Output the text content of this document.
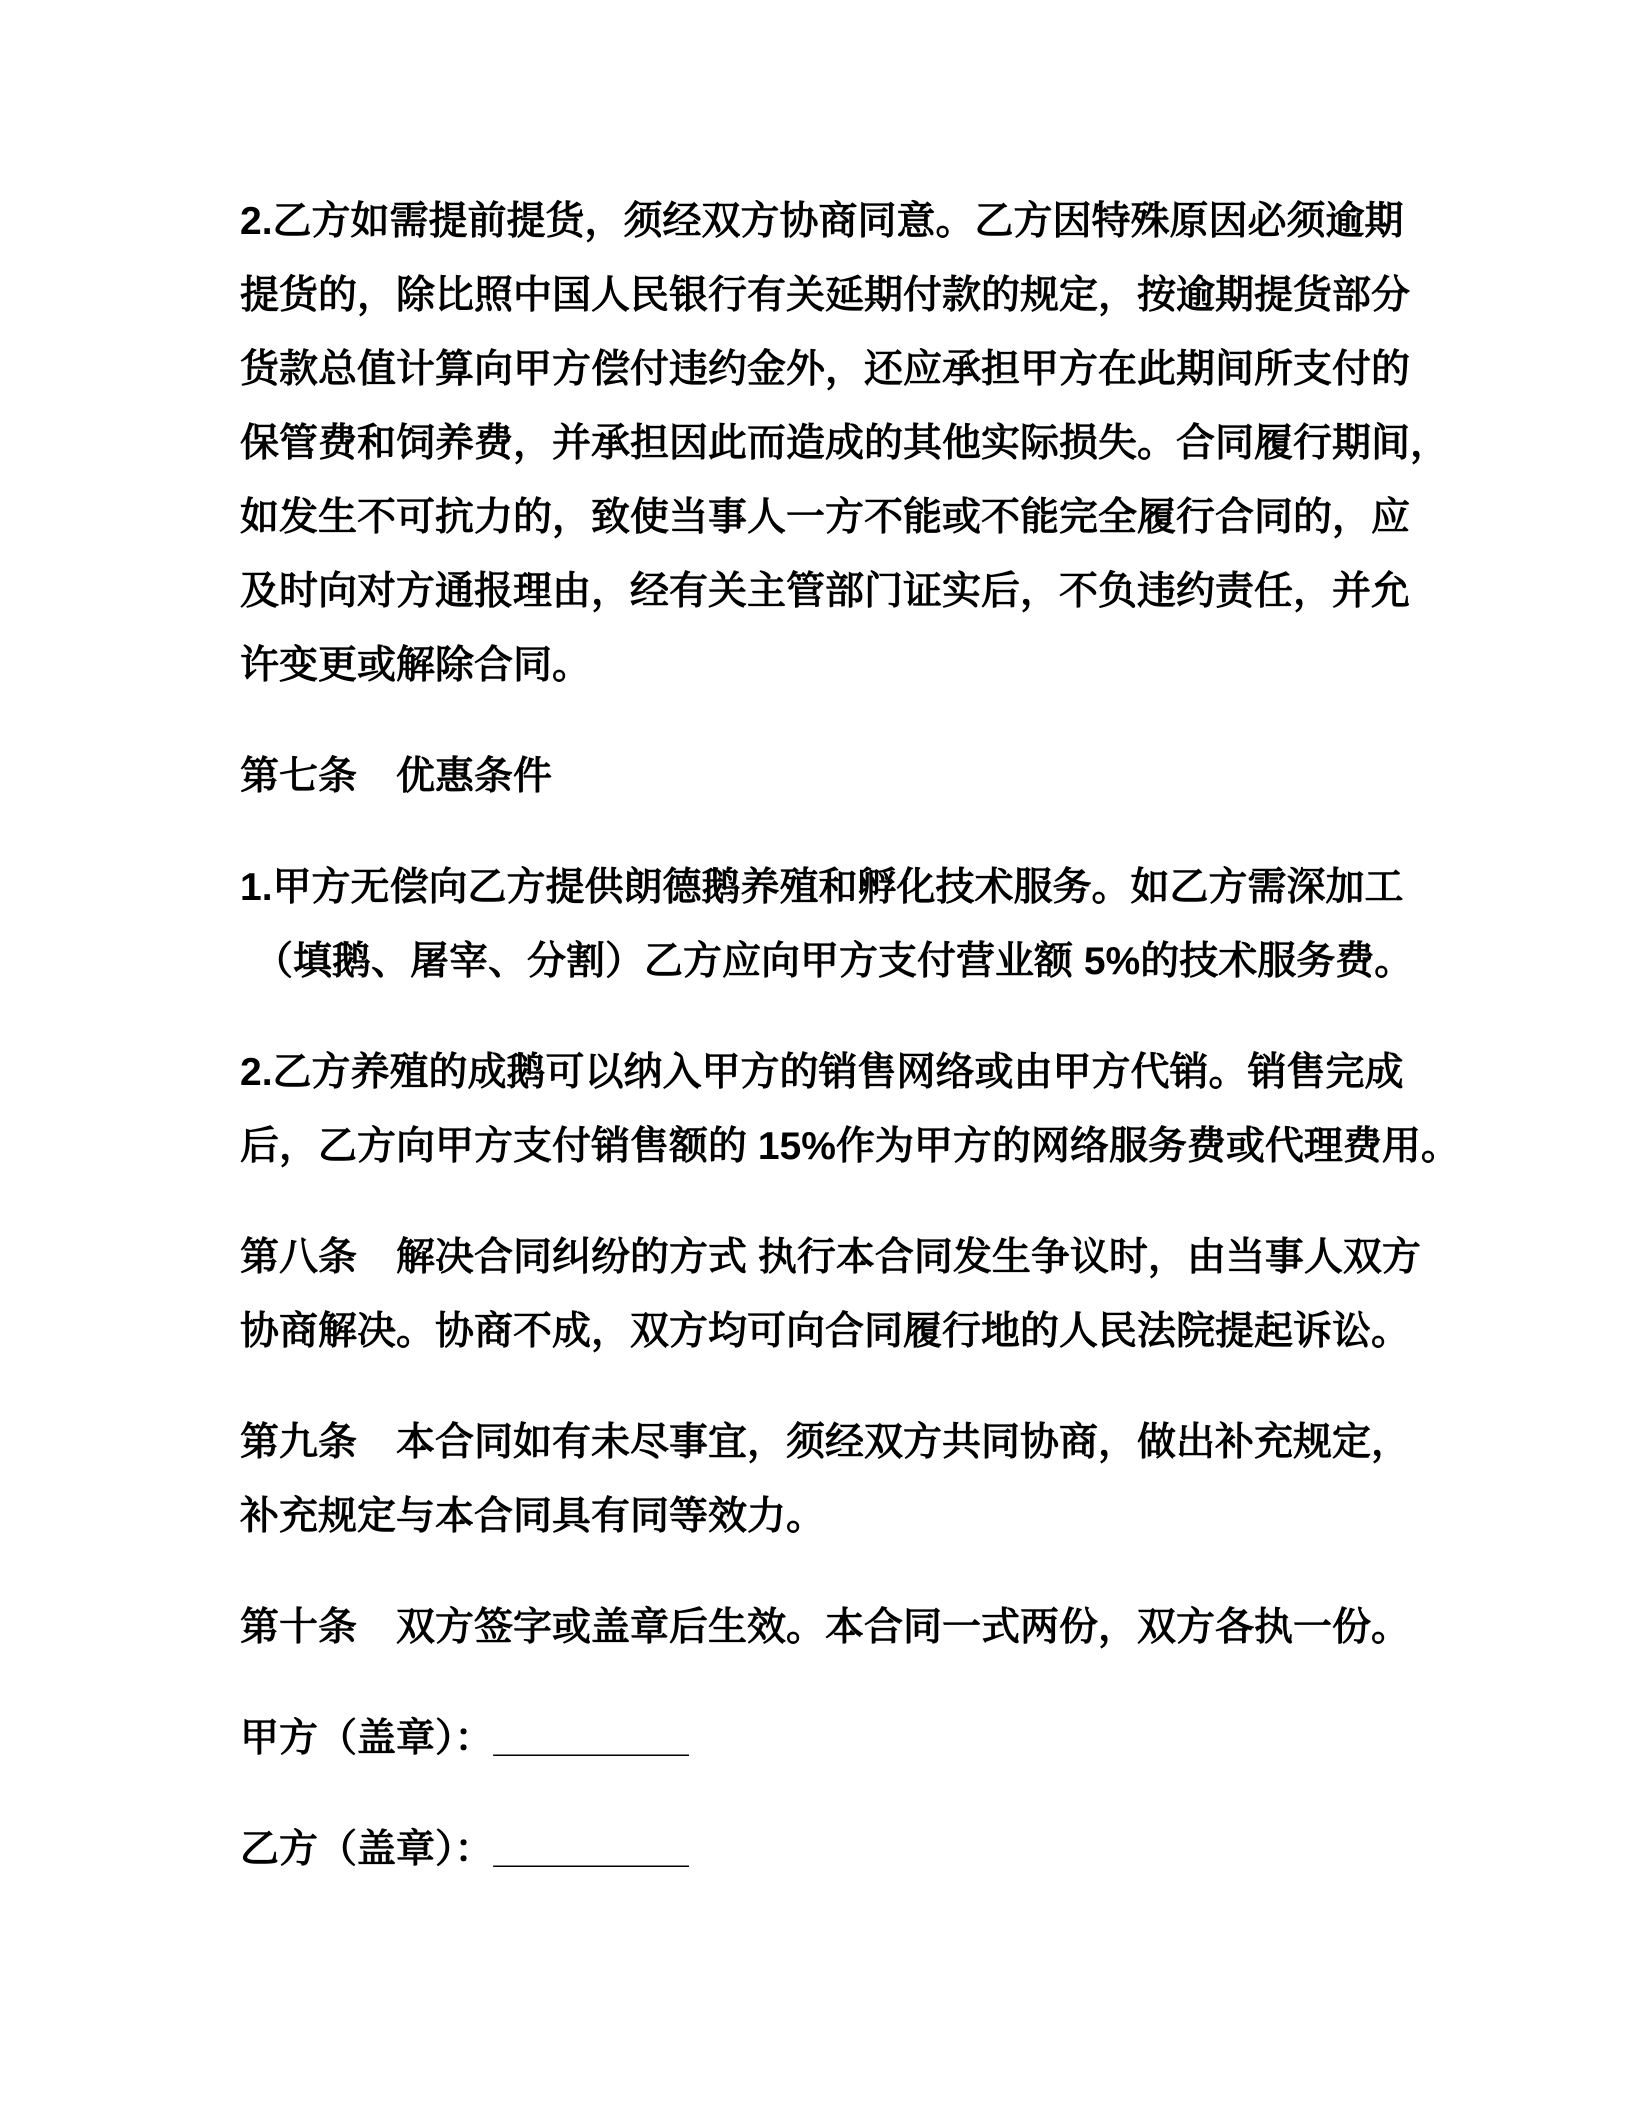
2.乙方如需提前提货，须经双方协商同意。乙方因特殊原因必须逾期
提货的，除比照中国人民银行有关延期付款的规定，按逾期提货部分
货款总值计算向甲方偿付违约金外，还应承担甲方在此期间所支付的
保管费和饲养费，并承担因此而造成的其他实际损失。合同履行期间，
如发生不可抗力的，致使当事人一方不能或不能完全履行合同的，应
及时向对方通报理由，经有关主管部门证实后，不负违约责任，并允
许变更或解除合同。
第七条　优惠条件
1.甲方无偿向乙方提供朗德鹅养殖和孵化技术服务。如乙方需深加工
（填鹅、屠宰、分割）乙方应向甲方支付营业额 5%的技术服务费。
2.乙方养殖的成鹅可以纳入甲方的销售网络或由甲方代销。销售完成
后，乙方向甲方支付销售额的 15%作为甲方的网络服务费或代理费用。
第八条　解决合同纠纷的方式 执行本合同发生争议时，由当事人双方
协商解决。协商不成，双方均可向合同履行地的人民法院提起诉讼。
第九条　本合同如有未尽事宜，须经双方共同协商，做出补充规定，
补充规定与本合同具有同等效力。
第十条　双方签字或盖章后生效。本合同一式两份，双方各执一份。
甲方（盖章）：_________
乙方（盖章）：_________
